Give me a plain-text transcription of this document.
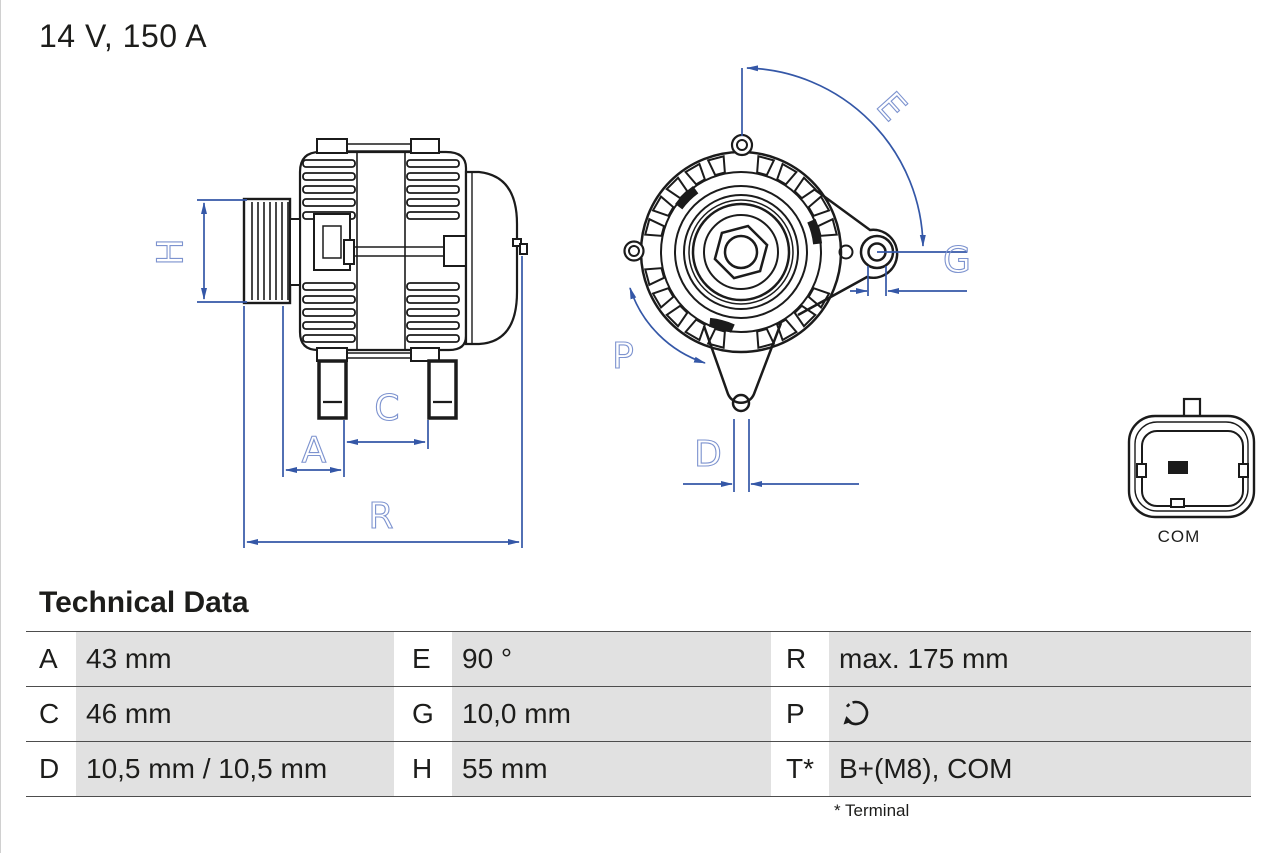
14 V, 150 A
H
A
C
R
E
G
P
D
COM
Technical Data
A	43 mm	E	90 °	R	max. 175 mm
C 46 mm	G	10,0 mm	P
D 10,5 mm / 10,5 mm	H	55 mm	T* B+(M8), COM
* Terminal
